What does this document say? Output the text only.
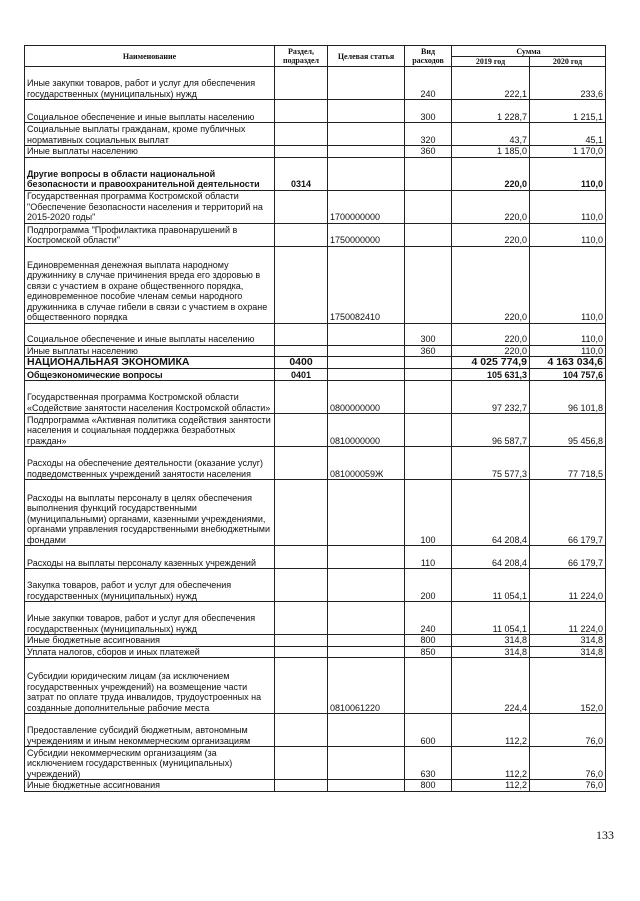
Наименование	Раздел, подраздел	Целевая статья	Вид расходов	Сумма	
				2019 год	2020 год
Иные закупки товаров, работ и услуг для обеспечения государственных (муниципальных) нужд			240	222,1	233,6
Социальное обеспечение и иные выплаты населению			300	1 228,7	1 215,1
Социальные выплаты гражданам, кроме публичных нормативных социальных выплат			320	43,7	45,1
Иные выплаты населению			360	1 185,0	1 170,0
Другие вопросы в области национальной безопасности и правоохранительной деятельности	0314			220,0	110,0
Государственная программа Костромской области "Обеспечение безопасности населения и территорий на 2015-2020 годы"		1700000000		220,0	110,0
Подпрограмма "Профилактика правонарушений в Костромской области"		1750000000		220,0	110,0
Единовременная денежная выплата народному дружиннику в случае причинения вреда его здоровью в связи с участием в охране общественного порядка, единовременное пособие членам семьи народного дружинника в случае гибели в связи с участием в охране общественного порядка		1750082410		220,0	110,0
Социальное обеспечение и иные выплаты населению			300	220,0	110,0
Иные выплаты населению			360	220,0	110,0
НАЦИОНАЛЬНАЯ ЭКОНОМИКА	0400			4 025 774,9	4 163 034,6
Общеэкономические вопросы	0401			105 631,3	104 757,6
Государственная программа Костромской области «Содействие занятости населения Костромской области»		0800000000		97 232,7	96 101,8
Подпрограмма «Активная политика содействия занятости населения и социальная поддержка безработных граждан»		0810000000		96 587,7	95 456,8
Расходы на обеспечение деятельности (оказание услуг) подведомственных учреждений занятости населения		081000059Ж		75 577,3	77 718,5
Расходы на выплаты персоналу в целях обеспечения выполнения функций государственными (муниципальными) органами, казенными учреждениями, органами управления государственными внебюджетными фондами			100	64 208,4	66 179,7
Расходы на выплаты персоналу казенных учреждений			110	64 208,4	66 179,7
Закупка товаров, работ и услуг для обеспечения государственных (муниципальных) нужд			200	11 054,1	11 224,0
Иные закупки товаров, работ и услуг для обеспечения государственных (муниципальных) нужд			240	11 054,1	11 224,0
Иные бюджетные ассигнования			800	314,8	314,8
Уплата налогов, сборов и иных платежей			850	314,8	314,8
Субсидии юридическим лицам (за исключением государственных учреждений) на возмещение части затрат по оплате труда инвалидов, трудоустроенных на созданные дополнительные рабочие места		0810061220		224,4	152,0
Предоставление субсидий бюджетным, автономным учреждениям и иным некоммерческим организациям			600	112,2	76,0
Субсидии некоммерческим организациям (за исключением государственных (муниципальных) учреждений)			630	112,2	76,0
Иные бюджетные ассигнования			800	112,2	76,0
133
